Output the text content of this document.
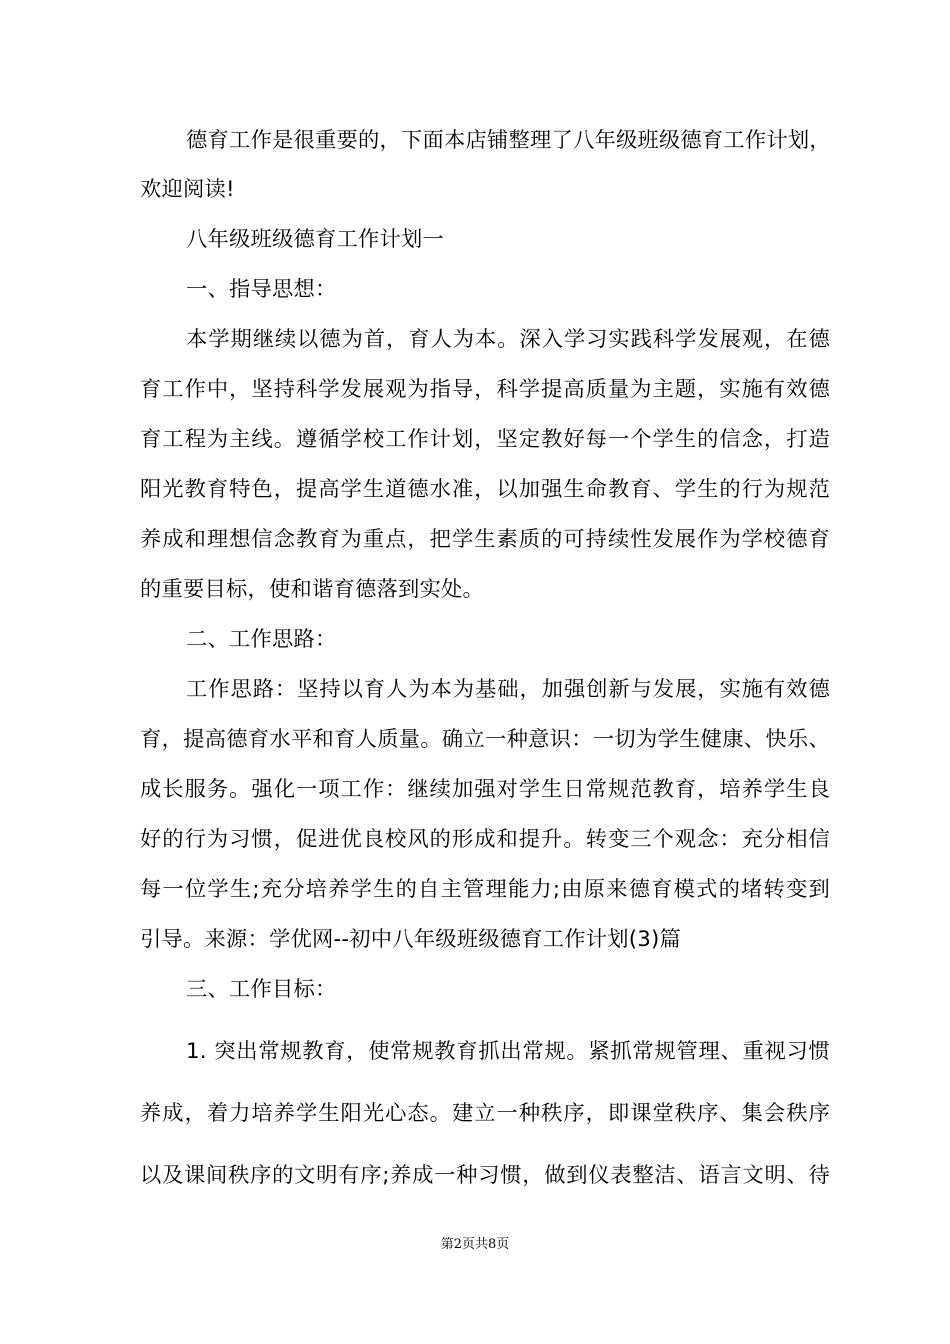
德育工作是很重要的，下面本店铺整理了八年级班级德育工作计划，
欢迎阅读!
八年级班级德育工作计划一
一、指导思想：
本学期继续以德为首，育人为本。深入学习实践科学发展观，在德
育工作中，坚持科学发展观为指导，科学提高质量为主题，实施有效德
育工程为主线。遵循学校工作计划，坚定教好每一个学生的信念，打造
阳光教育特色，提高学生道德水准，以加强生命教育、学生的行为规范
养成和理想信念教育为重点，把学生素质的可持续性发展作为学校德育
的重要目标，使和谐育德落到实处。
二、工作思路：
工作思路：坚持以育人为本为基础，加强创新与发展，实施有效德
育，提高德育水平和育人质量。确立一种意识：一切为学生健康、快乐、
成长服务。强化一项工作：继续加强对学生日常规范教育，培养学生良
好的行为习惯，促进优良校风的形成和提升。转变三个观念：充分相信
每一位学生;充分培养学生的自主管理能力;由原来德育模式的堵转变到
引导。来源：学优网--初中八年级班级德育工作计划(3)篇
三、工作目标：
1. 突出常规教育，使常规教育抓出常规。紧抓常规管理、重视习惯
养成，着力培养学生阳光心态。建立一种秩序，即课堂秩序、集会秩序
以及课间秩序的文明有序;养成一种习惯，做到仪表整洁、语言文明、待
第2页共8页
